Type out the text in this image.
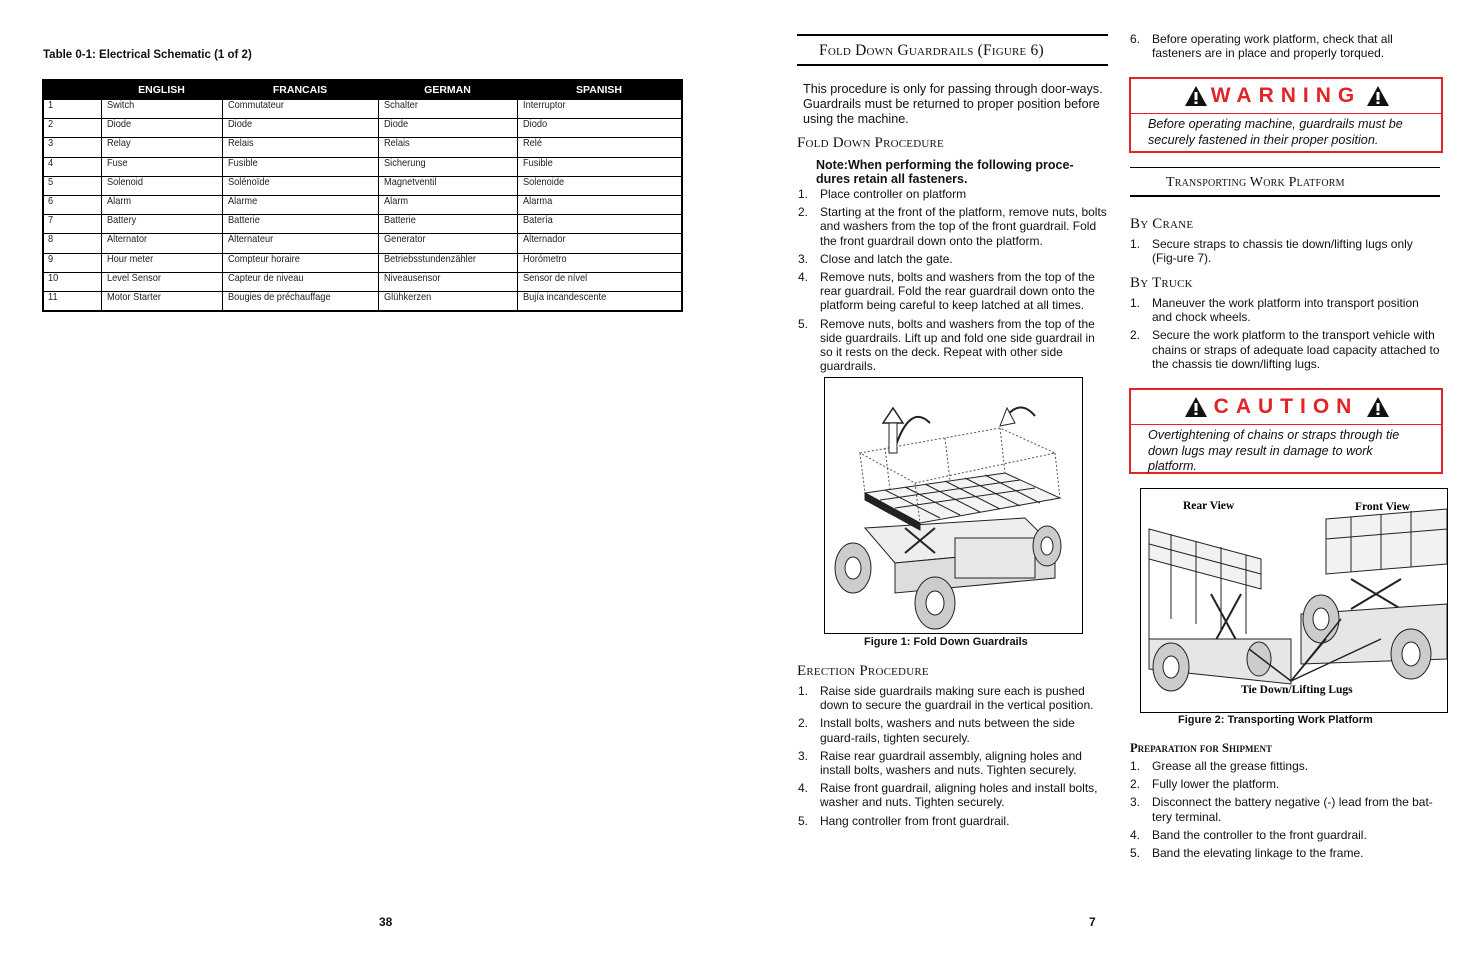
Table 0-1: Electrical Schematic (1 of 2)
	ENGLISH	FRANCAIS	GERMAN	SPANISH
1	Switch	Commutateur	Schalter	Interruptor
2	Diode	Diode	Diode	Diodo
3	Relay	Relais	Relais	Relé
4	Fuse	Fusible	Sicherung	Fusible
5	Solenoid	Solénoïde	Magnetventil	Solenoide
6	Alarm	Alarme	Alarm	Alarma
7	Battery	Batterie	Batterie	Batería
8	Alternator	Alternateur	Generator	Alternador
9	Hour meter	Compteur horaire	Betriebsstundenzähler	Horómetro
10	Level Sensor	Capteur de niveau	Niveausensor	Sensor de nível
11	Motor Starter	Bougies de préchauffage	Glühkerzen	Bujía incandescente
38
Fold Down Guardrails (Figure 6)
This procedure is only for passing through door-ways. Guardrails must be returned to proper position before using the machine.
Fold Down Procedure
Note:When performing the following proce-dures retain all fasteners.
1. Place controller on platform
2. Starting at the front of the platform, remove nuts, bolts and washers from the top of the front guardrail. Fold the front guardrail down onto the platform.
3. Close and latch the gate.
4. Remove nuts, bolts and washers from the top of the rear guardrail. Fold the rear guardrail down onto the platform being careful to keep latched at all times.
5. Remove nuts, bolts and washers from the top of the side guardrails. Lift up and fold one side guardrail in so it rests on the deck. Repeat with other side guardrails.
Figure 1: Fold Down Guardrails
Erection Procedure
1. Raise side guardrails making sure each is pushed down to secure the guardrail in the vertical position.
2. Install bolts, washers and nuts between the side guard-rails, tighten securely.
3. Raise rear guardrail assembly, aligning holes and install bolts, washers and nuts. Tighten securely.
4. Raise front guardrail, aligning holes and install bolts, washer and nuts. Tighten securely.
5. Hang controller from front guardrail.
7
6. Before operating work platform, check that all fasteners are in place and properly torqued.
WARNING
Before operating machine, guardrails must be securely fastened in their proper position.
Transporting Work Platform
By Crane
1. Secure straps to chassis tie down/lifting lugs only (Fig-ure 7).
By Truck
1. Maneuver the work platform into transport position and chock wheels.
2. Secure the work platform to the transport vehicle with chains or straps of adequate load capacity attached to the chassis tie down/lifting lugs.
CAUTION
Overtightening of chains or straps through tie down lugs may result in damage to work platform.
Rear View	Front View
Tie Down/Lifting Lugs
Figure 2: Transporting Work Platform
Preparation for Shipment
1. Grease all the grease fittings.
2. Fully lower the platform.
3. Disconnect the battery negative (-) lead from the bat-tery terminal.
4. Band the controller to the front guardrail.
5. Band the elevating linkage to the frame.
